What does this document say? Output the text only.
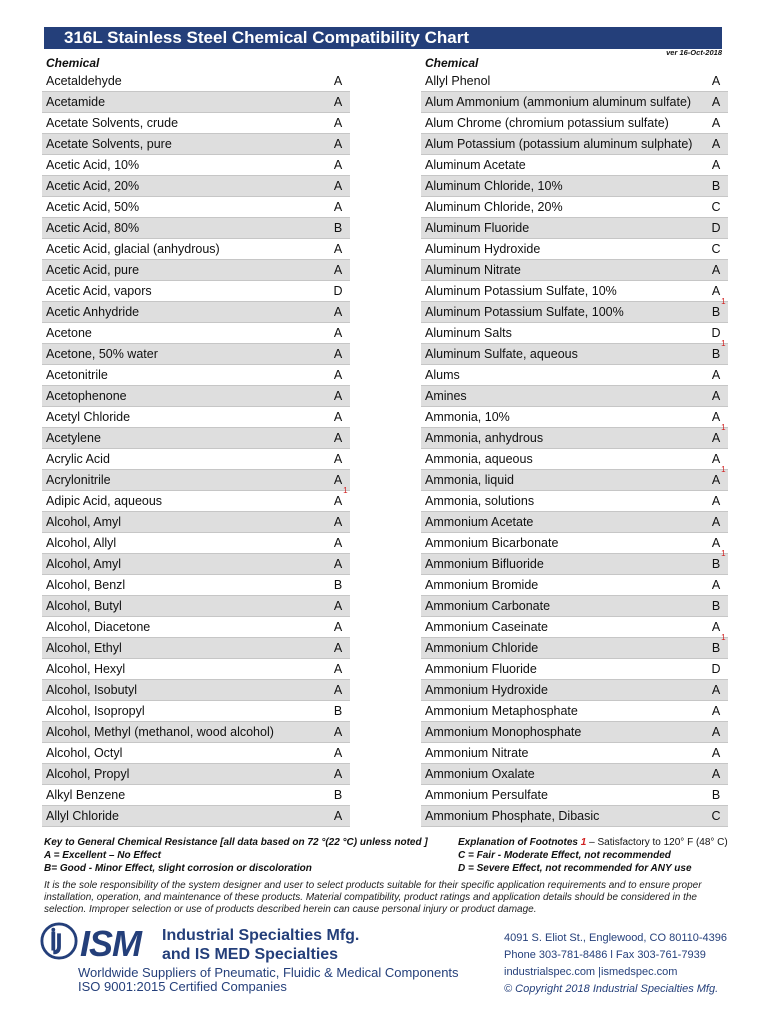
316L Stainless Steel Chemical Compatibility Chart
ver 16-Oct-2018
Chemical
Acetaldehyde	A
Acetamide	A
Acetate Solvents, crude	A
Acetate Solvents, pure	A
Acetic Acid, 10%	A
Acetic Acid, 20%	A
Acetic Acid, 50%	A
Acetic Acid, 80%	B
Acetic Acid, glacial (anhydrous)	A
Acetic Acid, pure	A
Acetic Acid, vapors	D
Acetic Anhydride	A
Acetone	A
Acetone, 50% water	A
Acetonitrile	A
Acetophenone	A
Acetyl Chloride	A
Acetylene	A
Acrylic Acid	A
Acrylonitrile	A
Adipic Acid, aqueous	A
1
Alcohol, Amyl	A
Alcohol, Allyl	A
Alcohol, Amyl	A
Alcohol, Benzl	B
Alcohol, Butyl	A
Alcohol, Diacetone	A
Alcohol, Ethyl	A
Alcohol, Hexyl	A
Alcohol, Isobutyl	A
Alcohol, Isopropyl	B
Alcohol, Methyl (methanol, wood alcohol)	A
Alcohol, Octyl	A
Alcohol, Propyl	A
Alkyl Benzene	B
Allyl Chloride	A
Chemical
Allyl Phenol	A
Alum Ammonium (ammonium aluminum sulfate)	A
Alum Chrome (chromium potassium sulfate)	A
Alum Potassium (potassium aluminum sulphate)	A
Aluminum Acetate	A
Aluminum Chloride, 10%	B
Aluminum Chloride, 20%	C
Aluminum Fluoride	D
Aluminum Hydroxide	C
Aluminum Nitrate	A
Aluminum Potassium Sulfate, 10%	A
Aluminum Potassium Sulfate, 100%	B
1
Aluminum Salts	D
Aluminum Sulfate, aqueous	B
1
Alums	A
Amines	A
Ammonia, 10%	A
Ammonia, anhydrous	A
1
Ammonia, aqueous	A
Ammonia, liquid	A
1
Ammonia, solutions	A
Ammonium Acetate	A
Ammonium Bicarbonate	A
Ammonium Bifluoride	B
1
Ammonium Bromide	A
Ammonium Carbonate	B
Ammonium Caseinate	A
Ammonium Chloride	B
1
Ammonium Fluoride	D
Ammonium Hydroxide	A
Ammonium Metaphosphate	A
Ammonium Monophosphate	A
Ammonium Nitrate	A
Ammonium Oxalate	A
Ammonium Persulfate	B
Ammonium Phosphate, Dibasic	C
Key to General Chemical Resistance [all data based on 72 °(22 °C) unless noted ]	Explanation of Footnotes 1 – Satisfactory to 120° F (48° C)
A = Excellent – No Effect	C = Fair - Moderate Effect, not recommended
B= Good - Minor Effect, slight corrosion or discoloration	D = Severe Effect, not recommended for ANY use
It is the sole responsibility of the system designer and user to select products suitable for their specific application requirements and to ensure proper installation, operation, and maintenance of these products. Material compatibility, product ratings and application details should be considered in the selection. Improper selection or use of products described herein can cause personal injury or product damage.
ISM Industrial Specialties Mfg.
and IS MED Specialties
Worldwide Suppliers of Pneumatic, Fluidic & Medical Components
ISO 9001:2015 Certified Companies
4091 S. Eliot St., Englewood, CO 80110-4396
Phone 303-781-8486 l Fax 303-761-7939
industrialspec.com |ismedspec.com
© Copyright 2018 Industrial Specialties Mfg.
